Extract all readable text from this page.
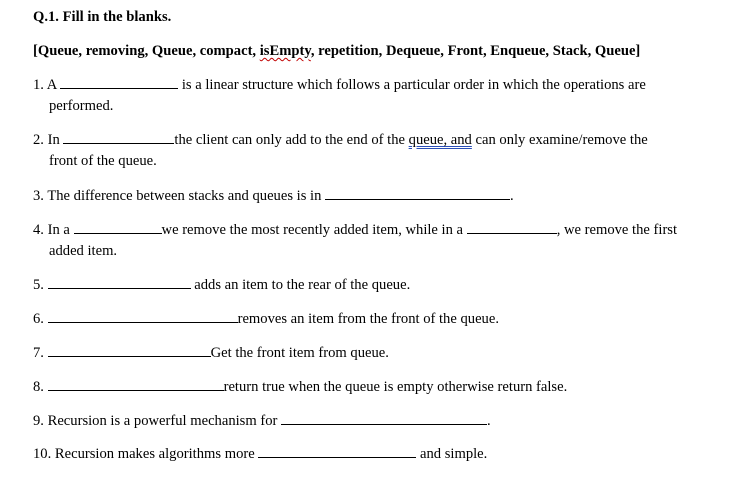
Q.1. Fill in the blanks.
[Queue, removing, Queue, compact, isEmpty, repetition, Dequeue, Front, Enqueue, Stack, Queue]
1. A	is a linear structure which follows a particular order in which the operations are
performed.
2. In	the client can only add to the end of the queue, and can only examine/remove the
front of the queue.
3. The difference between stacks and queues is in	.
4. In a	we remove the most recently added item, while in a	, we remove the first
added item.
5.	adds an item to the rear of the queue.
6.	removes an item from the front of the queue.
7.	Get the front item from queue.
8.	return true when the queue is empty otherwise return false.
9. Recursion is a powerful mechanism for	.
10. Recursion makes algorithms more	and simple.
